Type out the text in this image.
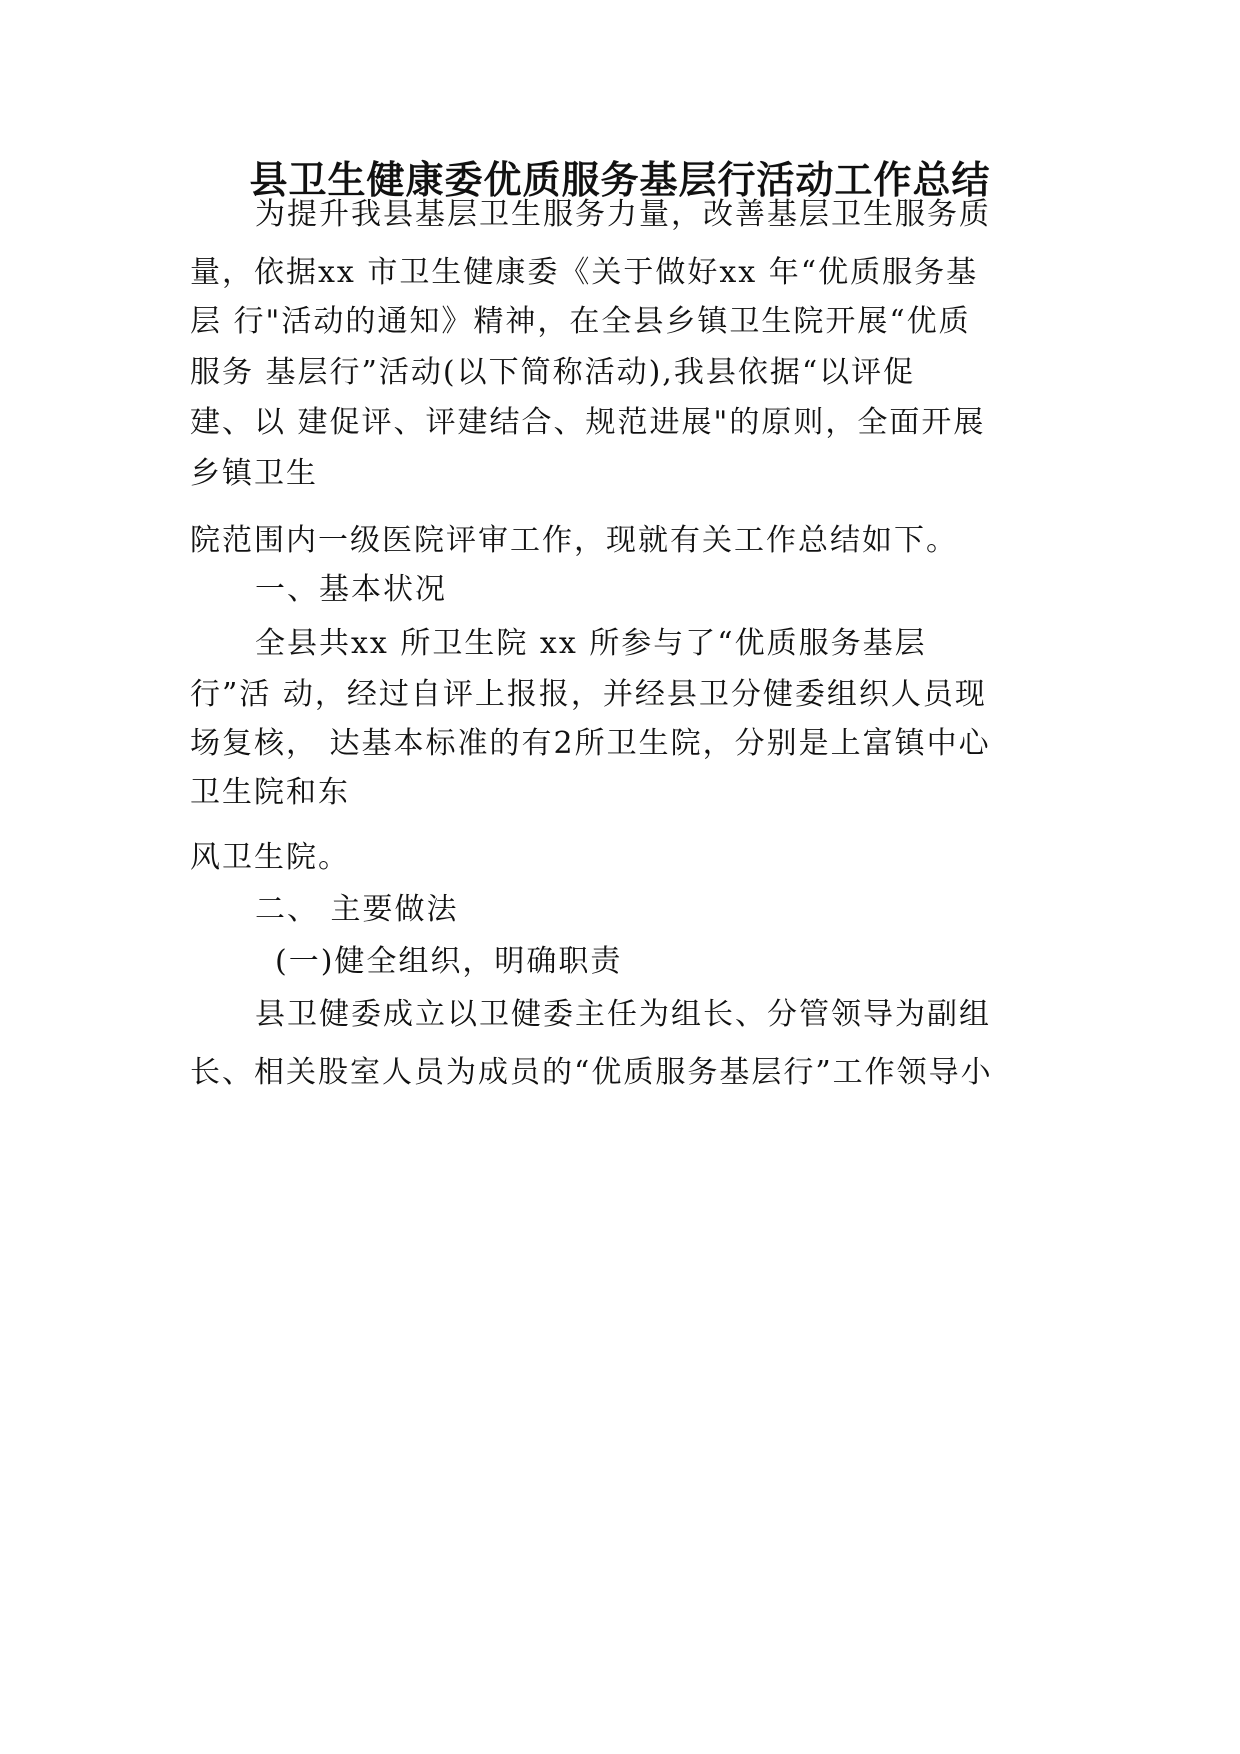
县卫生健康委优质服务基层行活动工作总结
为提升我县基层卫生服务力量，改善基层卫生服务质
量，依据xx 市卫生健康委《关于做好xx 年“优质服务基
层 行"活动的通知》精神，在全县乡镇卫生院开展“优质
服务 基层行”活动(以下简称活动),我县依据“以评促
建、以 建促评、评建结合、规范进展"的原则，全面开展
乡镇卫生
院范围内一级医院评审工作，现就有关工作总结如下。
一、基本状况
全县共xx 所卫生院 xx 所参与了“优质服务基层
行”活 动，经过自评上报报，并经县卫分健委组织人员现
场复核， 达基本标准的有2所卫生院，分别是上富镇中心
卫生院和东
风卫生院。
二、 主要做法
(一)健全组织，明确职责
县卫健委成立以卫健委主任为组长、分管领导为副组
长、相关股室人员为成员的“优质服务基层行”工作领导小
